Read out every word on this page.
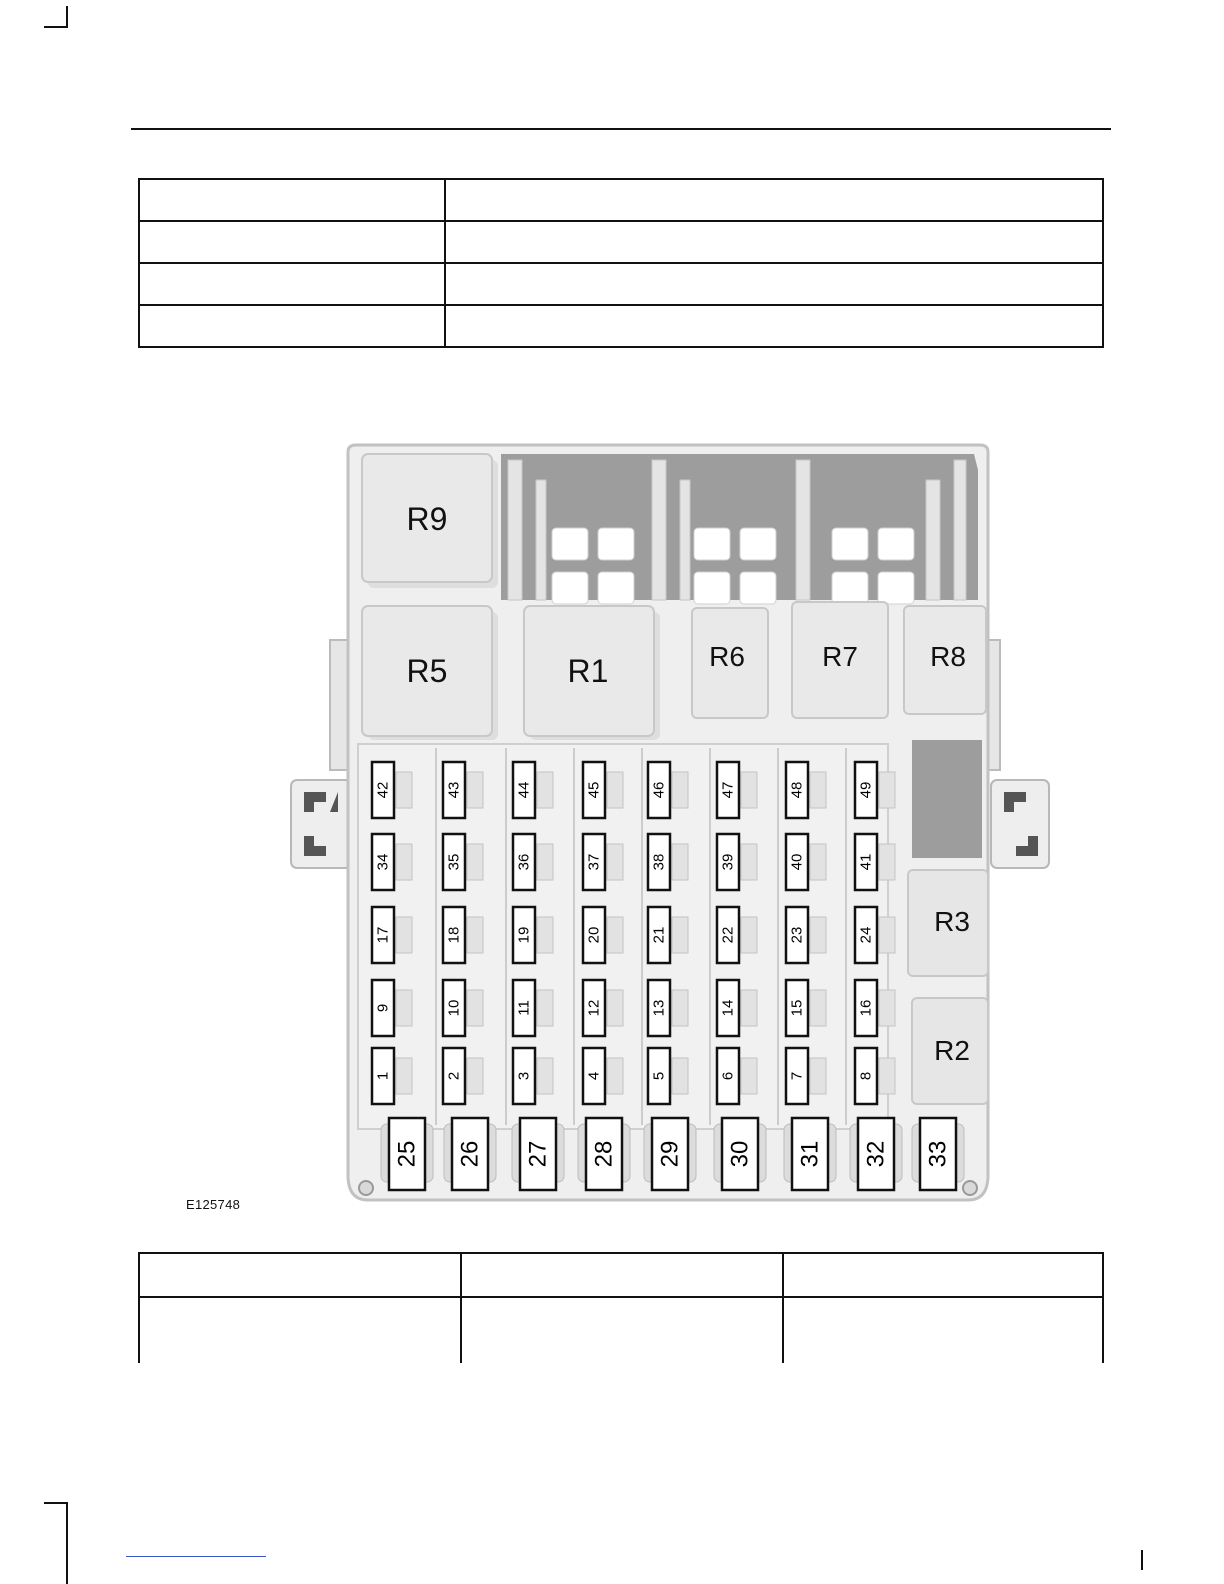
R9
R5	R1	R6	R7	R8
R3
R2
42	43	44	45	46	47	48	49
34	35	36	37	38	39	40	41
17	18	19	20	21	22	23	24
9	10	11	12	13	14	15	16
1	2	3	4	5	6	7	8
25 26 27 28 29 30 31 32 33
E125748
